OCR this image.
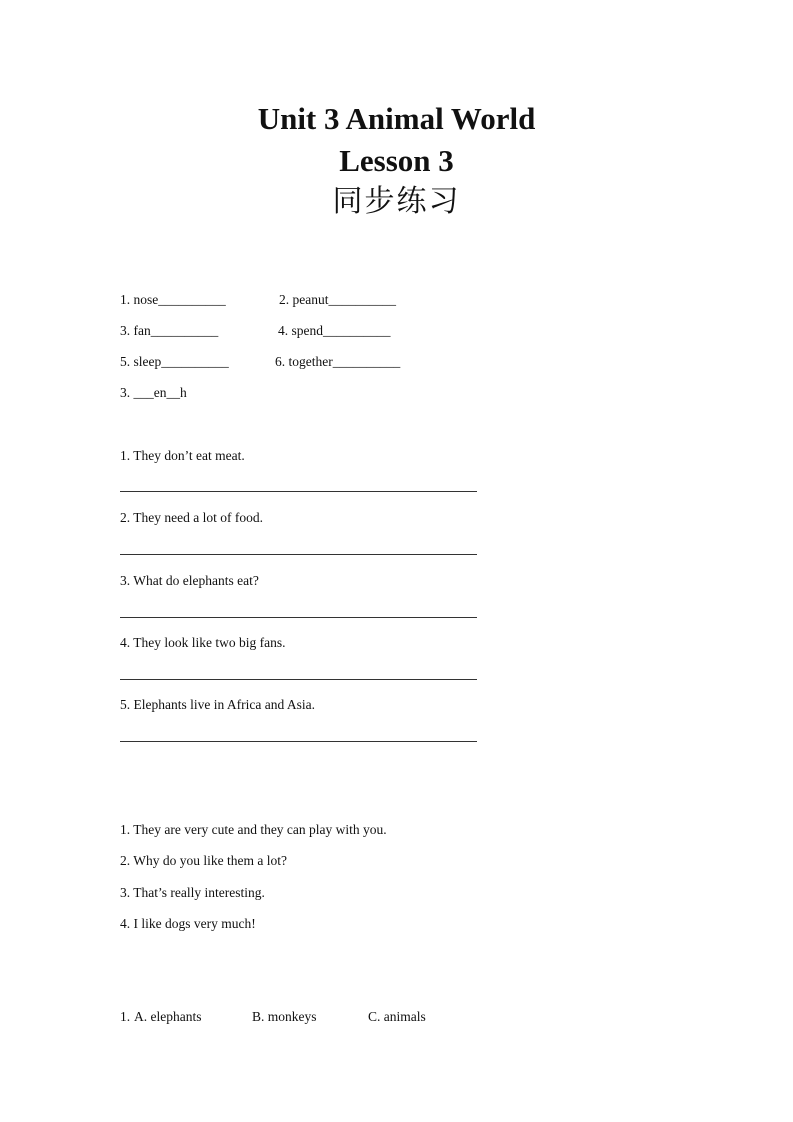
Unit 3 Animal World

Lesson 3

同步练习

1. nose__________	2. peanut__________
3. fan__________	4. spend__________
5. sleep__________	6. together__________
3. ___en__h
1. They don’t eat meat.
2. They need a lot of food.
3. What do elephants eat?
4. They look like two big fans.
5. Elephants live in Africa and Asia.
1. They are very cute and they can play with you.
2. Why do you like them a lot?
3. That’s really interesting.
4. I like dogs very much!
1. A. elephants	B. monkeys	C. animals
